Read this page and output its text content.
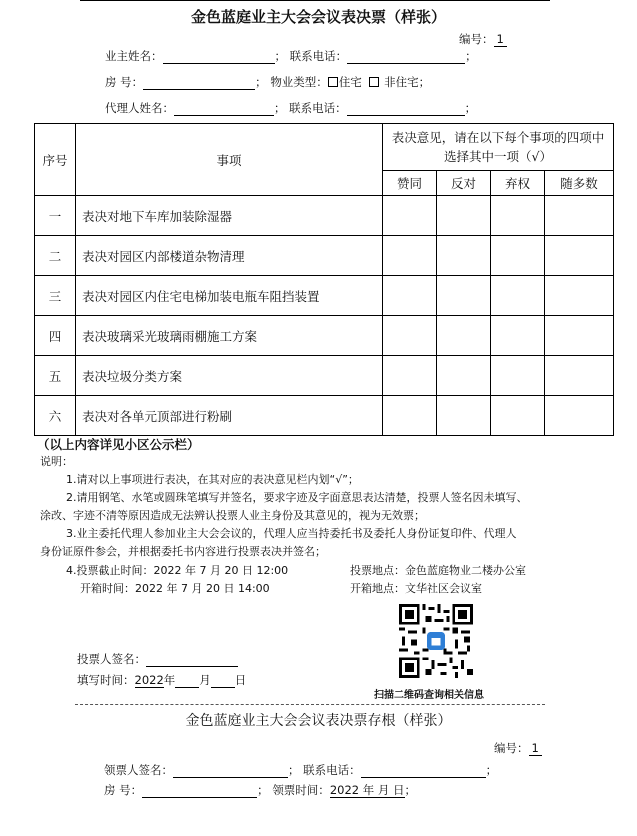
金色蓝庭业主大会会议表决票（样张）
编号： 1
业主姓名：	； 联系电话：	；
房 号：	； 物业类型： 住宅 非住宅；
代理人姓名：	； 联系电话：	；
序号	事项	表决意见，请在以下每个事项的四项中选择其中一项（√）			
		赞同	反对	弃权	随多数
一	表决对地下车库加装除湿器				
二	表决对园区内部楼道杂物清理				
三	表决对园区内住宅电梯加装电瓶车阻挡装置				
四	表决玻璃采光玻璃雨棚施工方案				
五	表决垃圾分类方案				
六	表决对各单元顶部进行粉刷				
（以上内容详见小区公示栏）
说明：
1.请对以上事项进行表决，在其对应的表决意见栏内划“√”；
2.请用钢笔、水笔或圆珠笔填写并签名，要求字迹及字面意思表达清楚，投票人签名因未填写、
涂改、字迹不清等原因造成无法辨认投票人业主身份及其意见的，视为无效票；
3.业主委托代理人参加业主大会会议的，代理人应当持委托书及委托人身份证复印件、代理人
身份证原件参会，并根据委托书内容进行投票表决并签名；
4.投票截止时间：2022 年 7 月 20 日 12:00	投票地点：金色蓝庭物业二楼办公室
开箱时间：2022 年 7 月 20 日 14:00	开箱地点：文华社区会议室
扫描二维码查询相关信息
投票人签名：
填写时间：2022年 月 日
金色蓝庭业主大会会议表决票存根（样张）
编号： 1
领票人签名：	； 联系电话：	；
房 号：	； 领票时间：2022 年 月 日；
